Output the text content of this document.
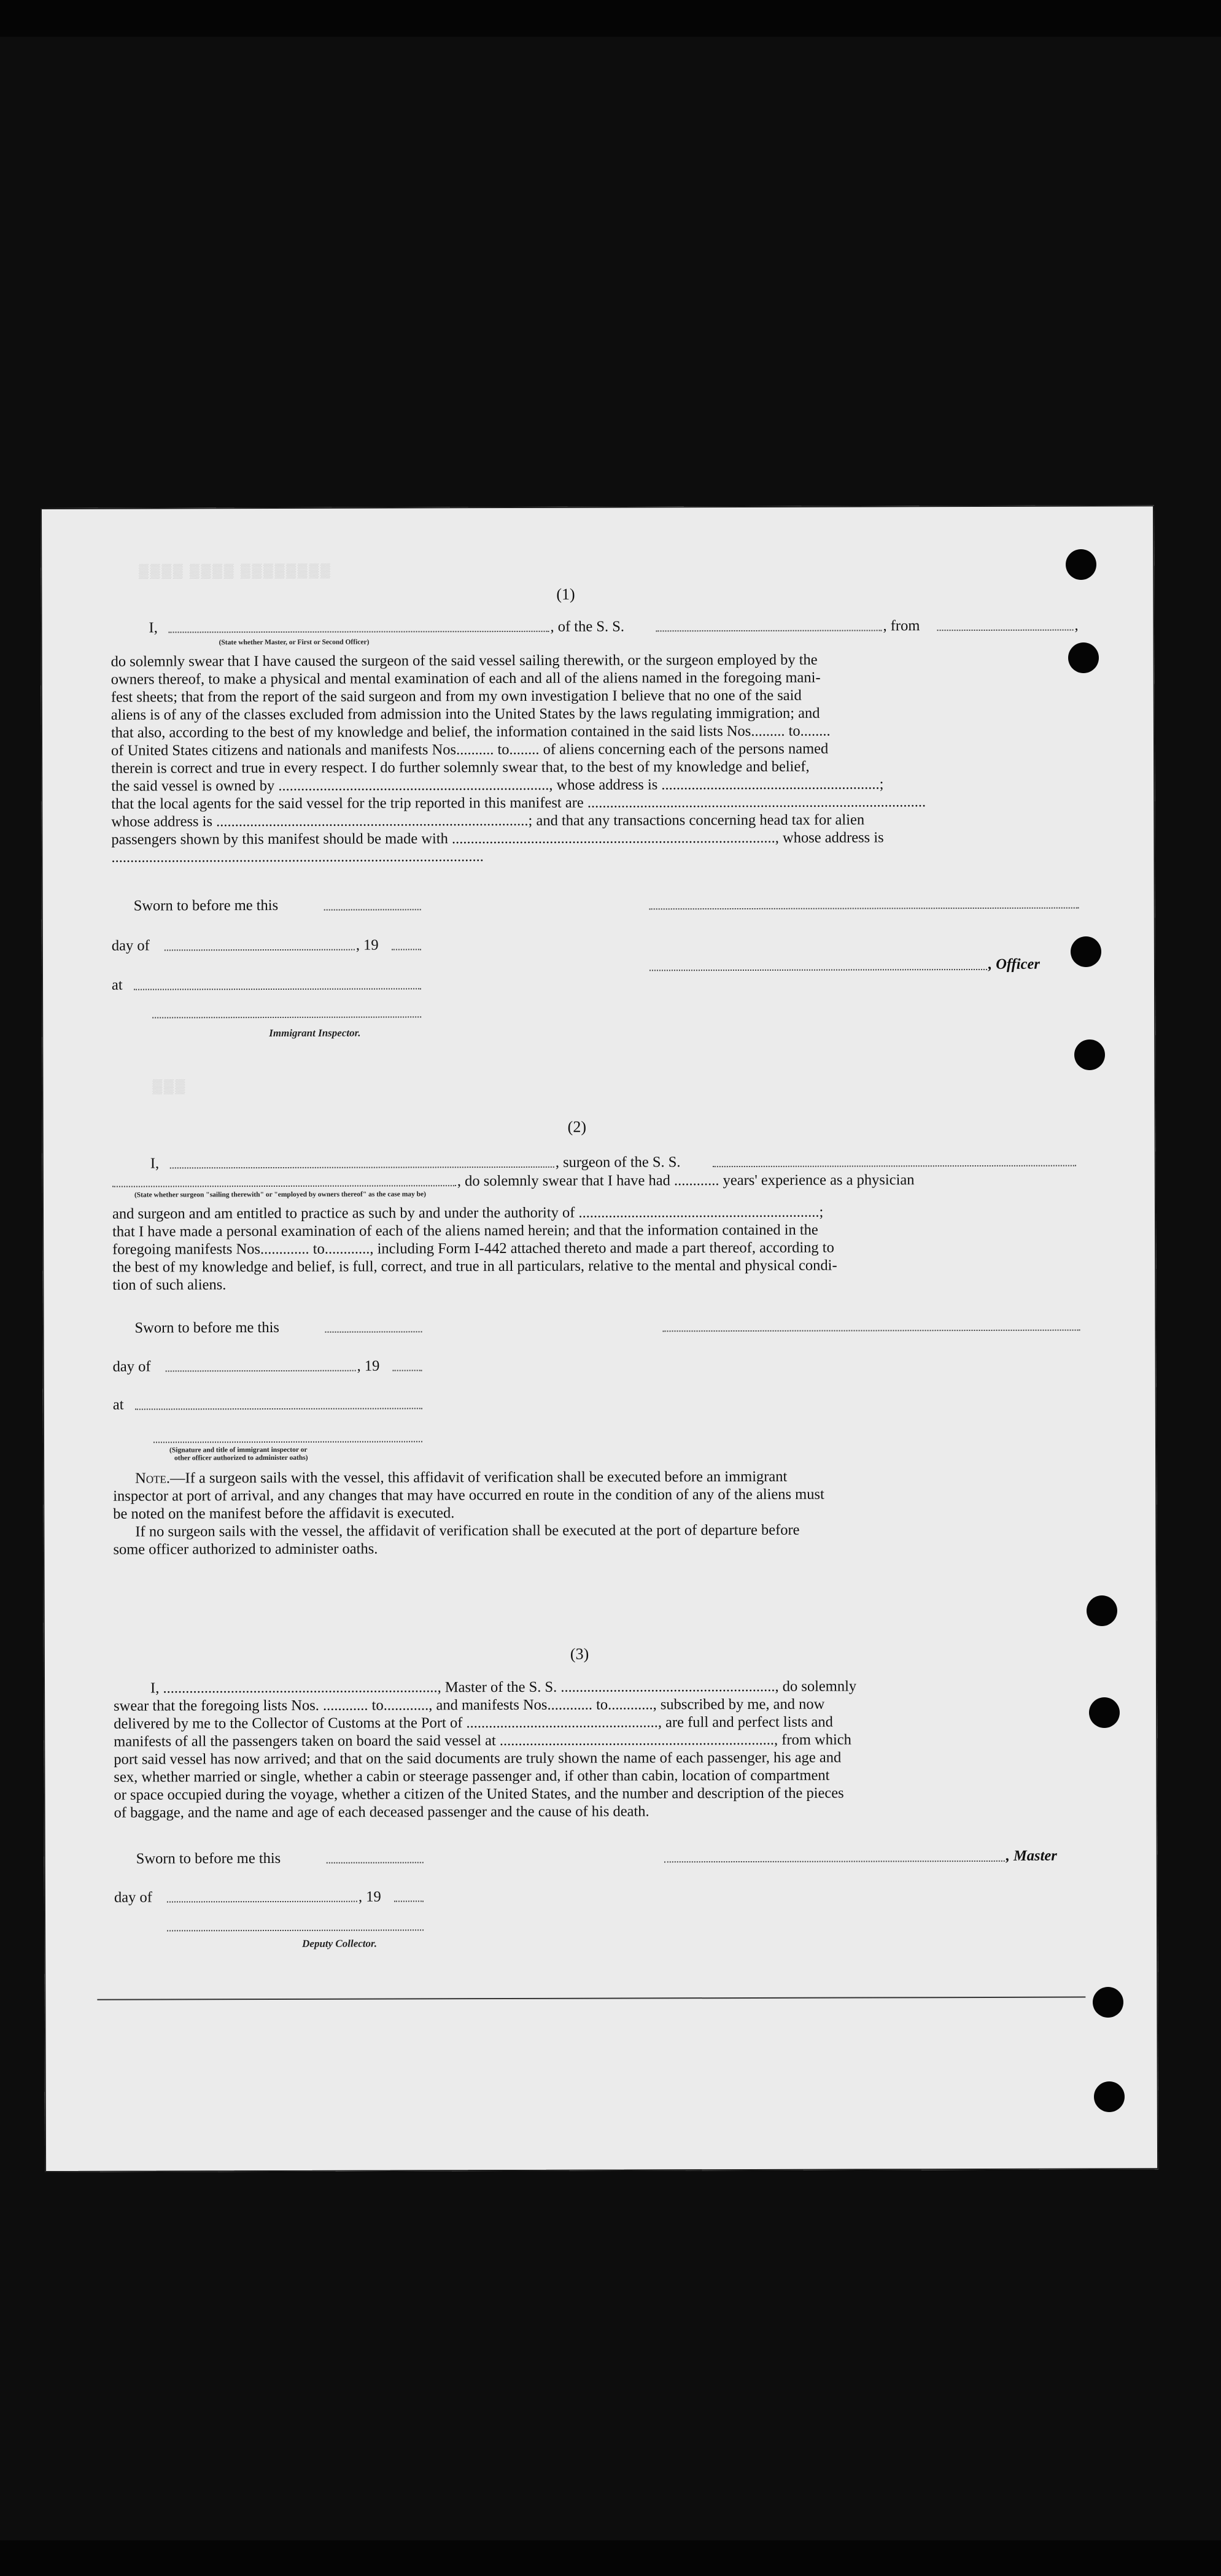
▒▒▒▒ ▒▒▒▒ ▒▒▒▒▒▒▒▒
▒▒▒
(1)
I,	, of the S. S.	, from	,
(State whether Master, or First or Second Officer)
do solemnly swear that I have caused the surgeon of the said vessel sailing therewith, or the surgeon employed by the
owners thereof, to make a physical and mental examination of each and all of the aliens named in the foregoing mani-
fest sheets; that from the report of the said surgeon and from my own investigation I believe that no one of the said
aliens is of any of the classes excluded from admission into the United States by the laws regulating immigration; and
that also, according to the best of my knowledge and belief, the information contained in the said lists Nos......... to........
of United States citizens and nationals and manifests Nos.......... to........ of aliens concerning each of the persons named
therein is correct and true in every respect. I do further solemnly swear that, to the best of my knowledge and belief,
the said vessel is owned by ........................................................................, whose address is ..........................................................;
that the local agents for the said vessel for the trip reported in this manifest are ..........................................................................................
whose address is ...................................................................................; and that any transactions concerning head tax for alien
passengers shown by this manifest should be made with ......................................................................................, whose address is
...................................................................................................
Sworn to before me this
day of	, 19
, Officer
at
Immigrant Inspector.
(2)
I,	, surgeon of the S. S.
, do solemnly swear that I have had ............ years' experience as a physician
(State whether surgeon "sailing therewith" or "employed by owners thereof" as the case may be)
and surgeon and am entitled to practice as such by and under the authority of ................................................................;
that I have made a personal examination of each of the aliens named herein; and that the information contained in the
foregoing manifests Nos............. to............, including Form I-442 attached thereto and made a part thereof, according to
the best of my knowledge and belief, is full, correct, and true in all particulars, relative to the mental and physical condi-
tion of such aliens.
Sworn to before me this
day of	, 19
at
(Signature and title of immigrant inspector or
other officer authorized to administer oaths)
Note.—If a surgeon sails with the vessel, this affidavit of verification shall be executed before an immigrant
inspector at port of arrival, and any changes that may have occurred en route in the condition of any of the aliens must
be noted on the manifest before the affidavit is executed.
If no surgeon sails with the vessel, the affidavit of verification shall be executed at the port of departure before
some officer authorized to administer oaths.
(3)
I, ........................................................................., Master of the S. S. ........................................................., do solemnly
swear that the foregoing lists Nos. ............ to............, and manifests Nos............ to............, subscribed by me, and now
delivered by me to the Collector of Customs at the Port of ..................................................., are full and perfect lists and
manifests of all the passengers taken on board the said vessel at ........................................................................., from which
port said vessel has now arrived; and that on the said documents are truly shown the name of each passenger, his age and
sex, whether married or single, whether a cabin or steerage passenger and, if other than cabin, location of compartment
or space occupied during the voyage, whether a citizen of the United States, and the number and description of the pieces
of baggage, and the name and age of each deceased passenger and the cause of his death.
Sworn to before me this	, Master
day of	, 19
Deputy Collector.
